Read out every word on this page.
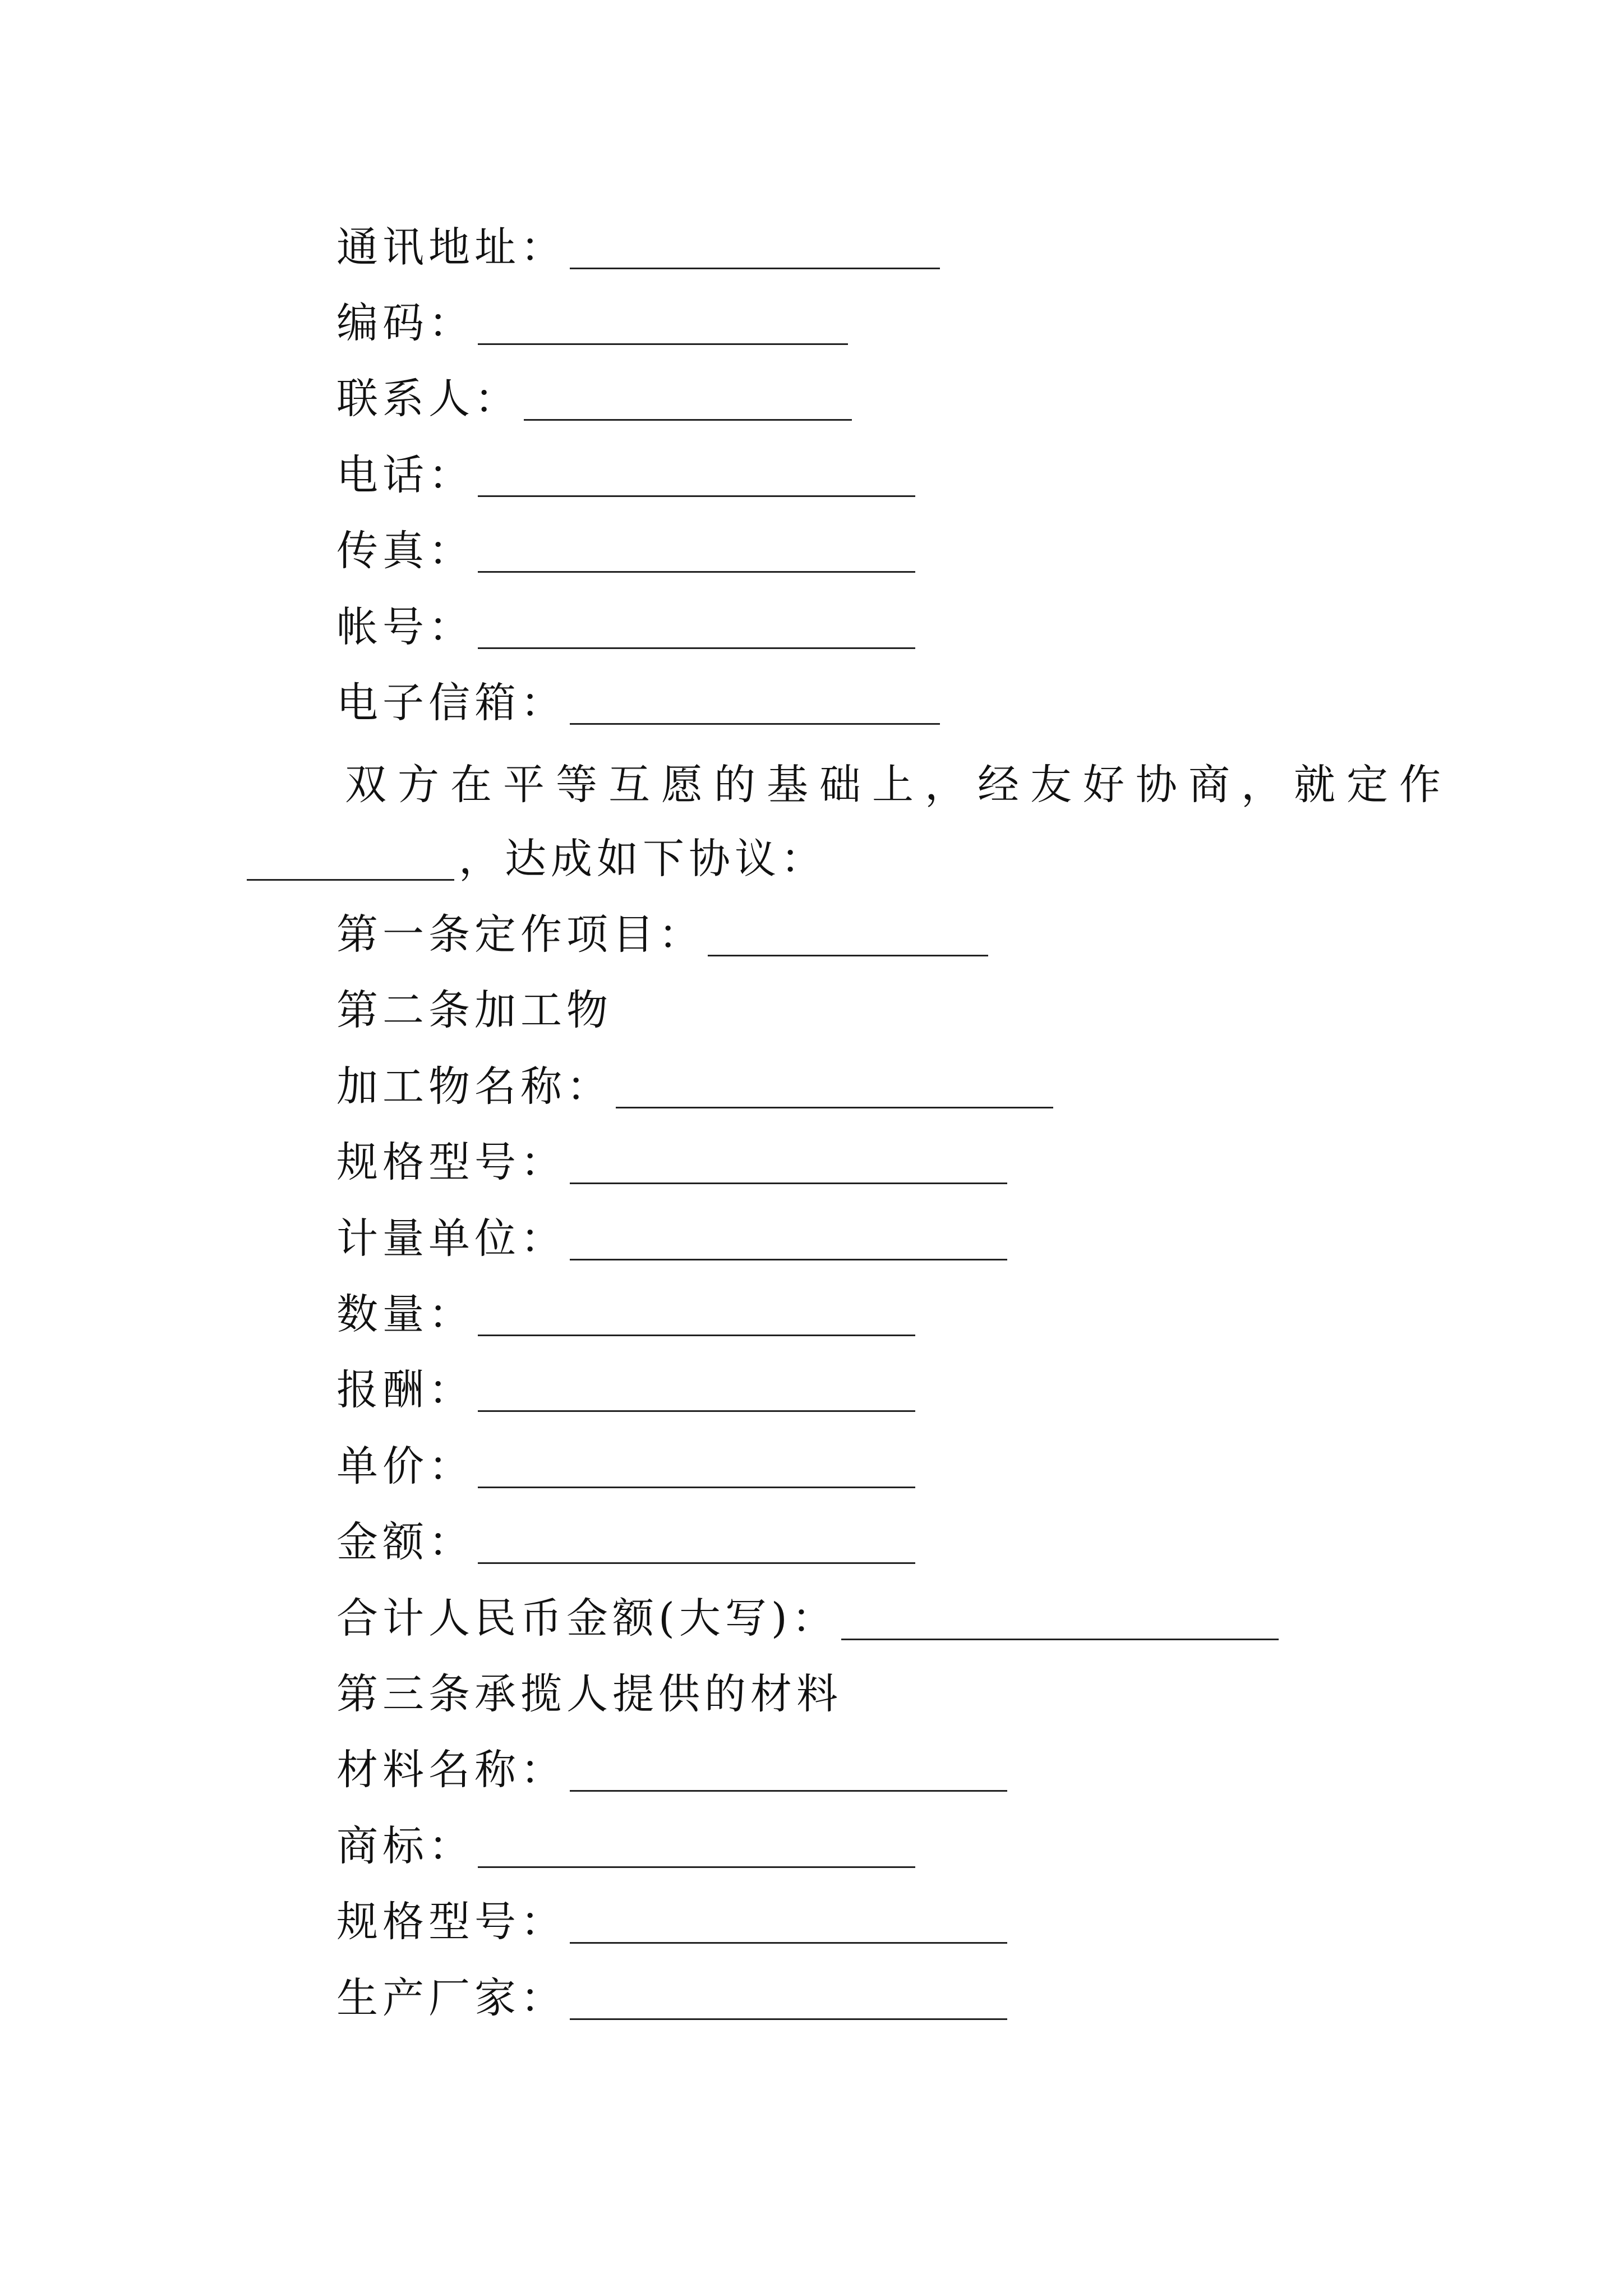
通讯地址：
编码：
联系人：
电话：
传真：
帐号：
电子信箱：
双方在平等互愿的基础上，经友好协商，就定作
，达成如下协议：
第一条定作项目：
第二条加工物
加工物名称：
规格型号：
计量单位：
数量：
报酬：
单价：
金额：
合计人民币金额(大写)：
第三条承揽人提供的材料
材料名称：
商标：
规格型号：
生产厂家：
